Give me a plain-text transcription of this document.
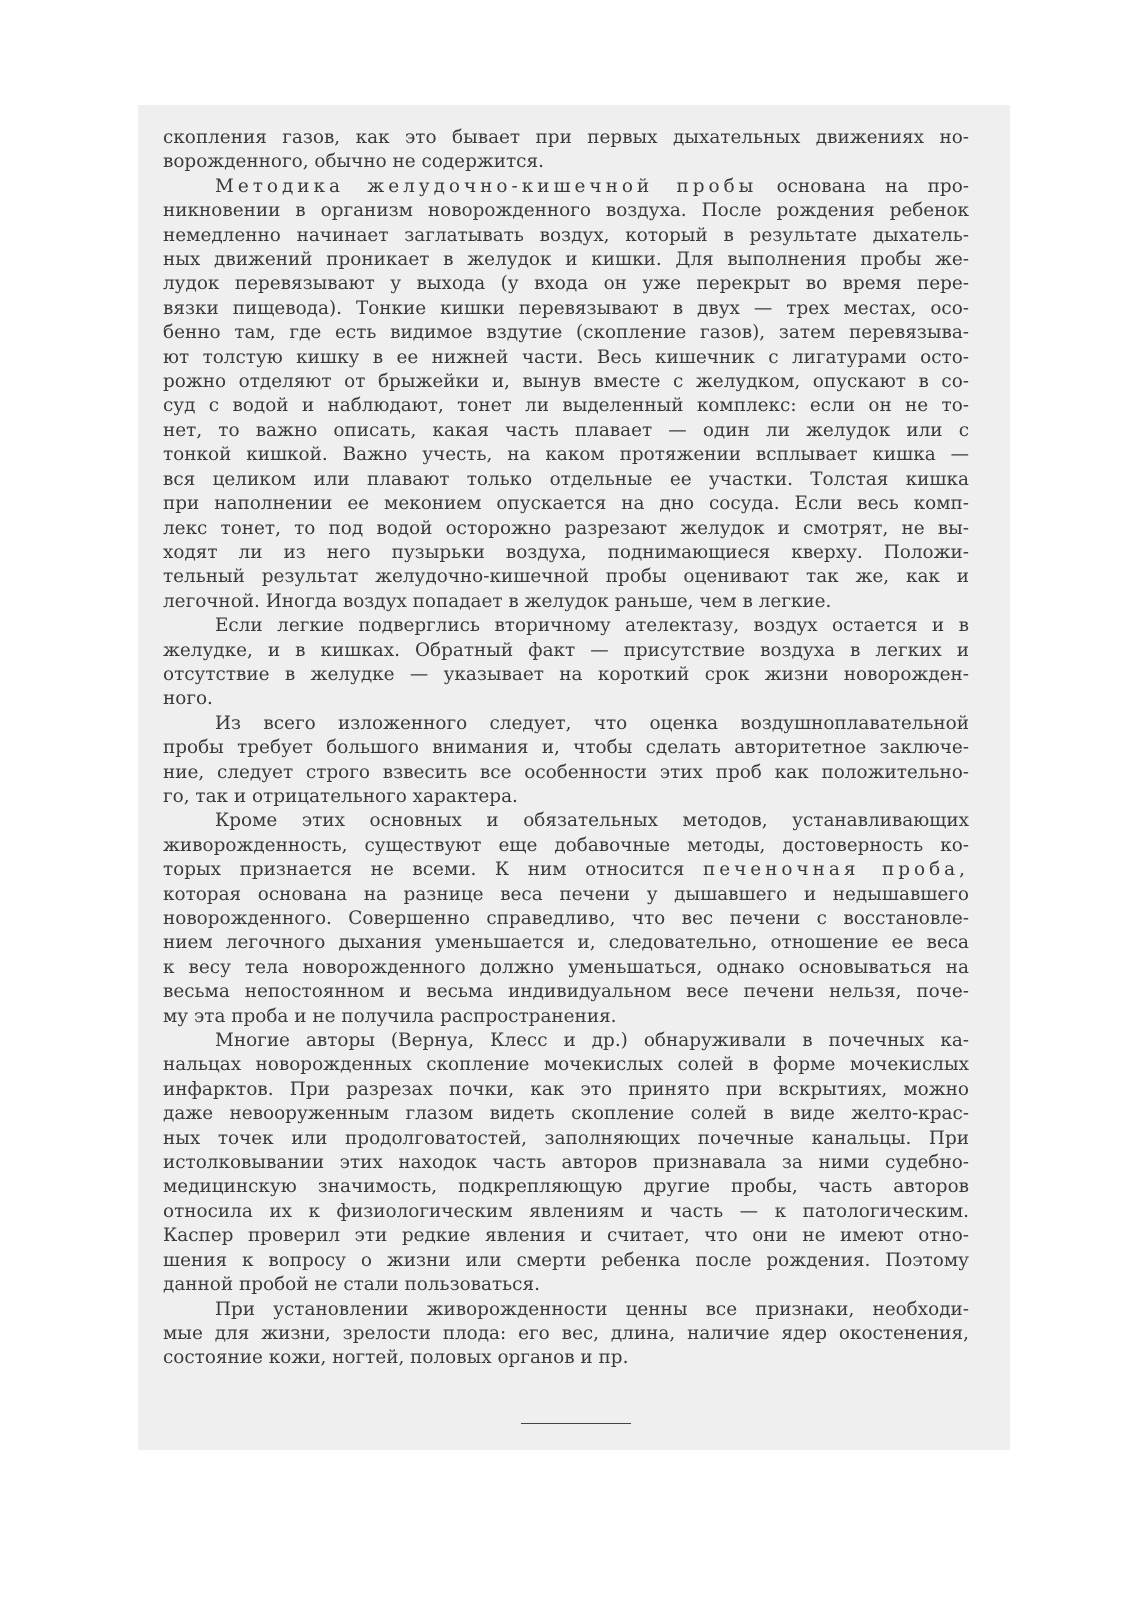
скопления газов, как это бывает при первых дыхательных движениях но-
ворожденного, обычно не содержится.
Методика желудочно-кишечной пробы основана на про-
никновении в организм новорожденного воздуха. После рождения ребенок
немедленно начинает заглатывать воздух, который в результате дыхатель-
ных движений проникает в желудок и кишки. Для выполнения пробы же-
лудок перевязывают у выхода (у входа он уже перекрыт во время пере-
вязки пищевода). Тонкие кишки перевязывают в двух — трех местах, осо-
бенно там, где есть видимое вздутие (скопление газов), затем перевязыва-
ют толстую кишку в ее нижней части. Весь кишечник с лигатурами осто-
рожно отделяют от брыжейки и, вынув вместе с желудком, опускают в со-
суд с водой и наблюдают, тонет ли выделенный комплекс: если он не то-
нет, то важно описать, какая часть плавает — один ли желудок или с
тонкой кишкой. Важно учесть, на каком протяжении всплывает кишка —
вся целиком или плавают только отдельные ее участки. Толстая кишка
при наполнении ее меконием опускается на дно сосуда. Если весь комп-
лекс тонет, то под водой осторожно разрезают желудок и смотрят, не вы-
ходят ли из него пузырьки воздуха, поднимающиеся кверху. Положи-
тельный результат желудочно-кишечной пробы оценивают так же, как и
легочной. Иногда воздух попадает в желудок раньше, чем в легкие.
Если легкие подверглись вторичному ателектазу, воздух остается и в
желудке, и в кишках. Обратный факт — присутствие воздуха в легких и
отсутствие в желудке — указывает на короткий срок жизни новорожден-
ного.
Из всего изложенного следует, что оценка воздушноплавательной
пробы требует большого внимания и, чтобы сделать авторитетное заключе-
ние, следует строго взвесить все особенности этих проб как положительно-
го, так и отрицательного характера.
Кроме этих основных и обязательных методов, устанавливающих
живорожденность, существуют еще добавочные методы, достоверность ко-
торых признается не всеми. К ним относится печеночная проба,
которая основана на разнице веса печени у дышавшего и недышавшего
новорожденного. Совершенно справедливо, что вес печени с восстановле-
нием легочного дыхания уменьшается и, следовательно, отношение ее веса
к весу тела новорожденного должно уменьшаться, однако основываться на
весьма непостоянном и весьма индивидуальном весе печени нельзя, поче-
му эта проба и не получила распространения.
Многие авторы (Вернуа, Клесс и др.) обнаруживали в почечных ка-
нальцах новорожденных скопление мочекислых солей в форме мочекислых
инфарктов. При разрезах почки, как это принято при вскрытиях, можно
даже невооруженным глазом видеть скопление солей в виде желто-крас-
ных точек или продолговатостей, заполняющих почечные канальцы. При
истолковывании этих находок часть авторов признавала за ними судебно-
медицинскую значимость, подкрепляющую другие пробы, часть авторов
относила их к физиологическим явлениям и часть — к патологическим.
Каспер проверил эти редкие явления и считает, что они не имеют отно-
шения к вопросу о жизни или смерти ребенка после рождения. Поэтому
данной пробой не стали пользоваться.
При установлении живорожденности ценны все признаки, необходи-
мые для жизни, зрелости плода: его вес, длина, наличие ядер окостенения,
состояние кожи, ногтей, половых органов и пр.
